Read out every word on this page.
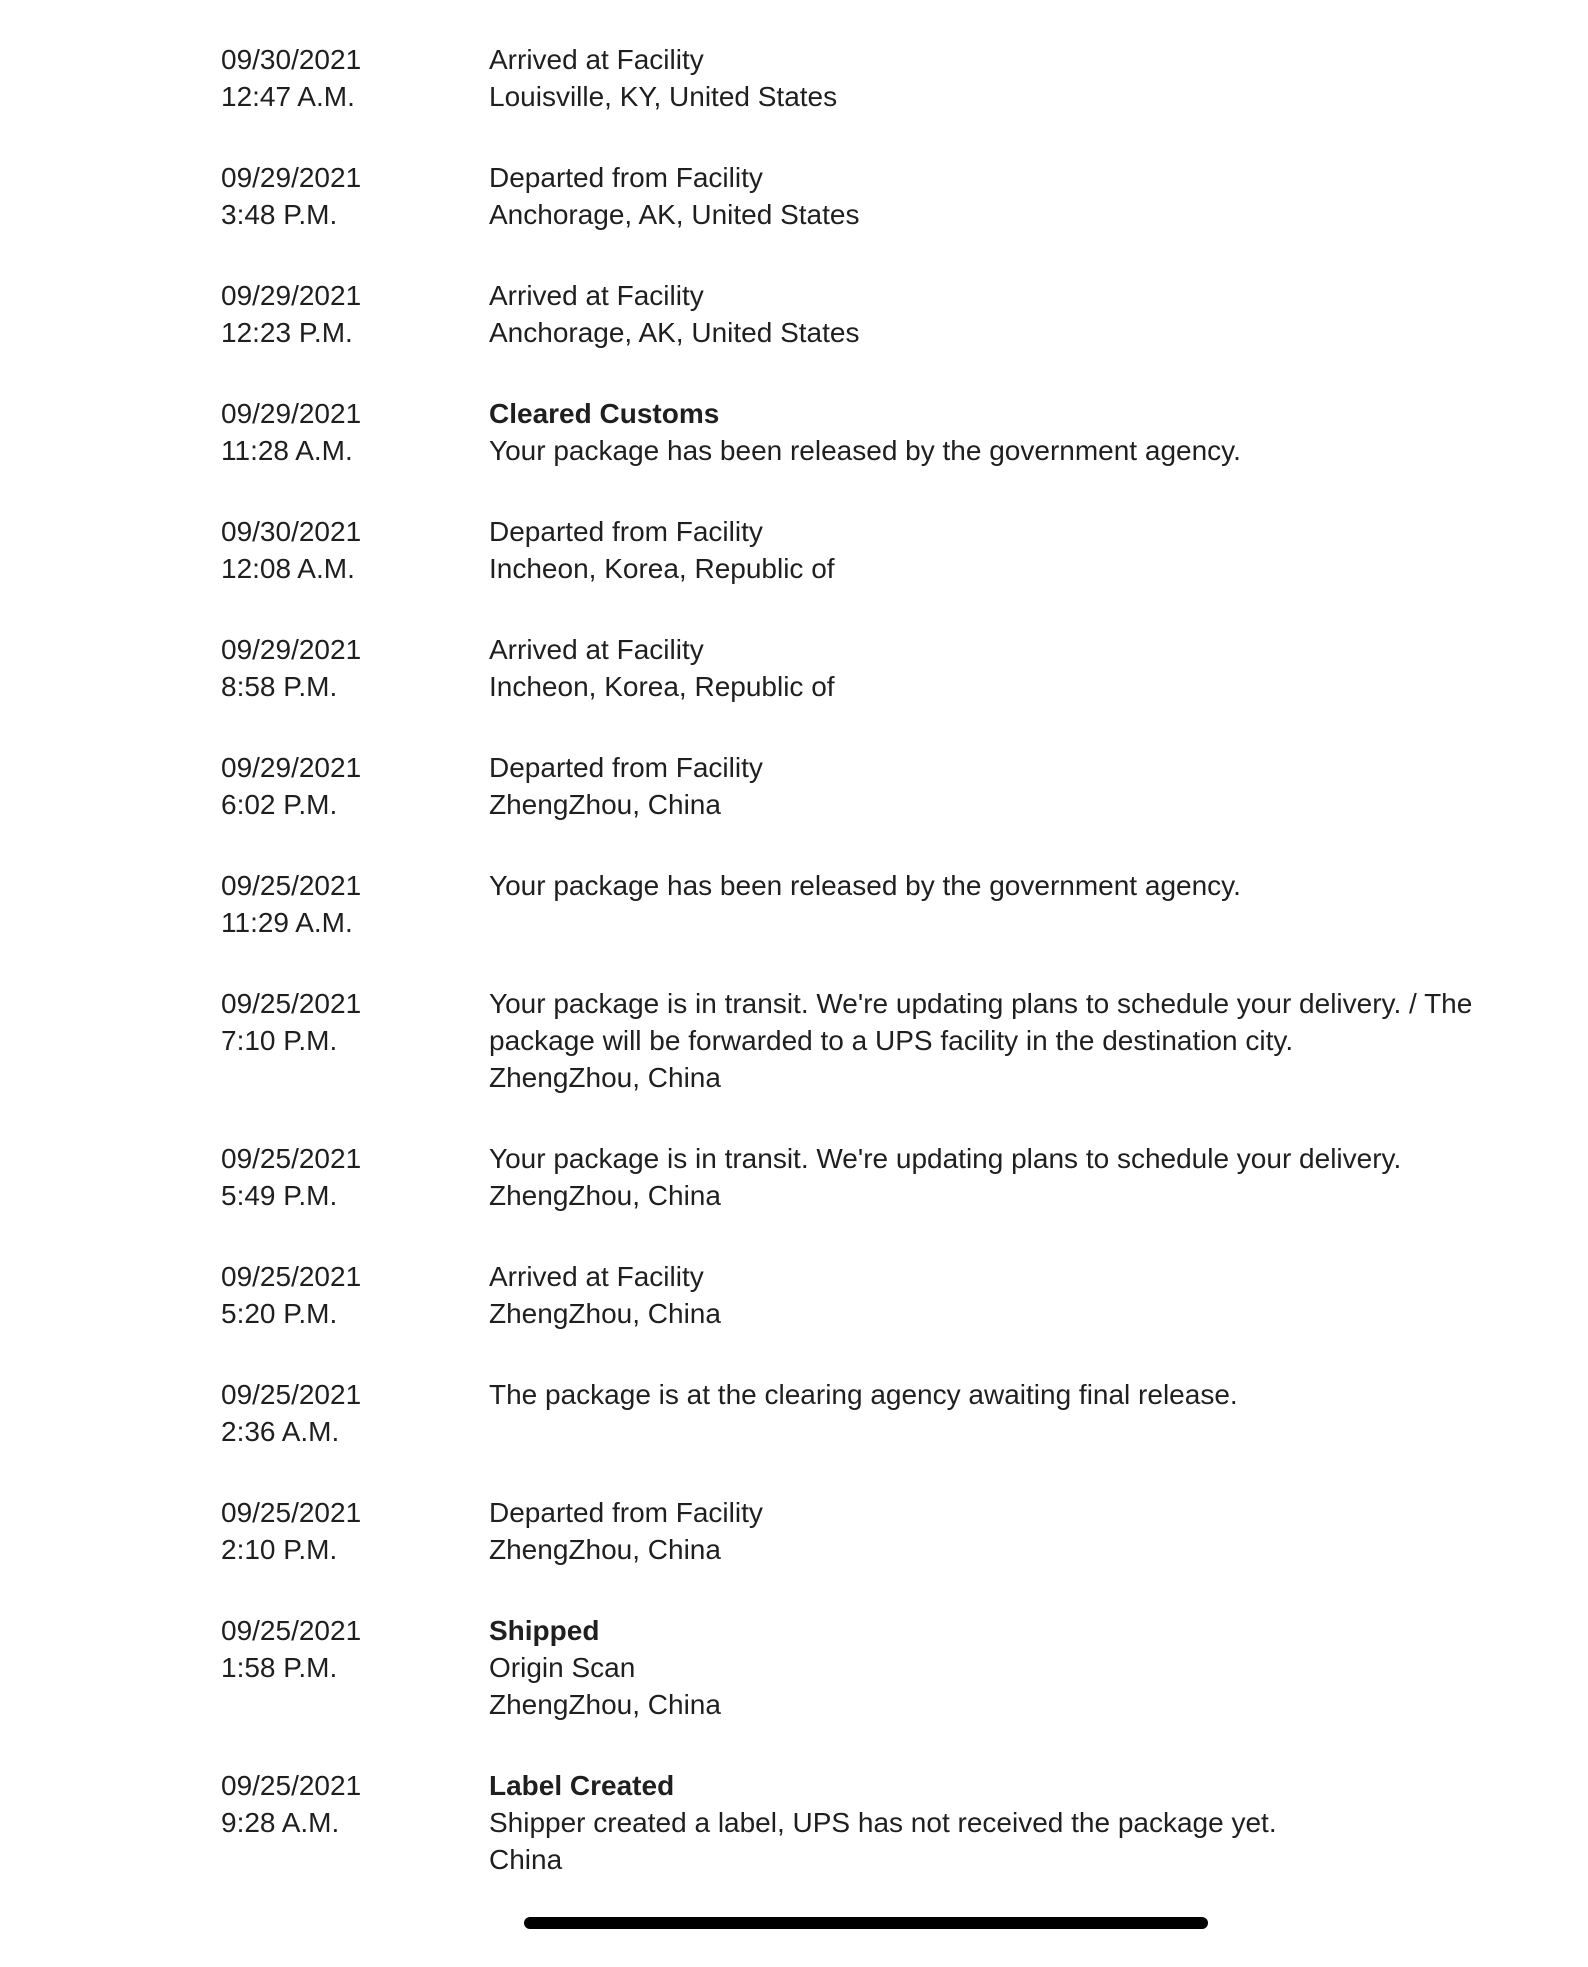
09/30/2021
12:47 A.M.
Arrived at Facility
Louisville, KY, United States
09/29/2021
3:48 P.M.
Departed from Facility
Anchorage, AK, United States
09/29/2021
12:23 P.M.
Arrived at Facility
Anchorage, AK, United States
09/29/2021
11:28 A.M.
Cleared Customs
Your package has been released by the government agency.
09/30/2021
12:08 A.M.
Departed from Facility
Incheon, Korea, Republic of
09/29/2021
8:58 P.M.
Arrived at Facility
Incheon, Korea, Republic of
09/29/2021
6:02 P.M.
Departed from Facility
ZhengZhou, China
09/25/2021
11:29 A.M.
Your package has been released by the government agency.
09/25/2021
7:10 P.M.
Your package is in transit. We're updating plans to schedule your delivery. / The package will be forwarded to a UPS facility in the destination city.
ZhengZhou, China
09/25/2021
5:49 P.M.
Your package is in transit. We're updating plans to schedule your delivery.
ZhengZhou, China
09/25/2021
5:20 P.M.
Arrived at Facility
ZhengZhou, China
09/25/2021
2:36 A.M.
The package is at the clearing agency awaiting final release.
09/25/2021
2:10 P.M.
Departed from Facility
ZhengZhou, China
09/25/2021
1:58 P.M.
Shipped
Origin Scan
ZhengZhou, China
09/25/2021
9:28 A.M.
Label Created
Shipper created a label, UPS has not received the package yet.
China
